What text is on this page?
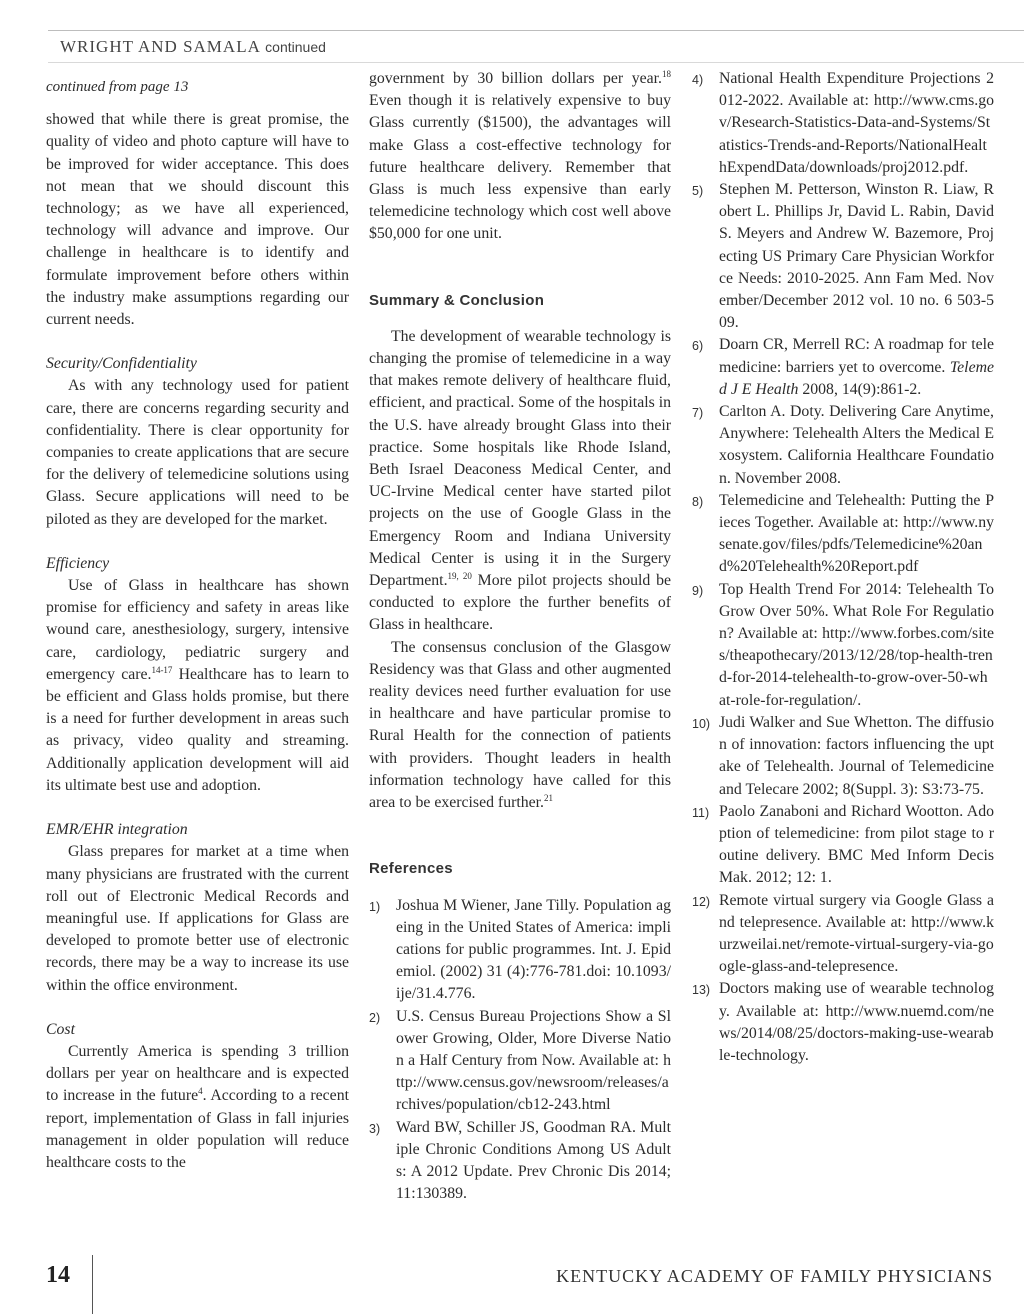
WRIGHT AND SAMALA continued

continued from page 13

showed that while there is great promise, the quality of video and photo capture will have to be improved for wider acceptance. This does not mean that we should discount this technology; as we have all experienced, technology will advance and improve. Our challenge in healthcare is to identify and formulate improvement before others within the industry make assumptions regarding our current needs.

Security/Confidentiality

As with any technology used for patient care, there are concerns regarding security and confidentiality. There is clear opportunity for companies to create applications that are secure for the delivery of telemedicine solutions using Glass. Secure applications will need to be piloted as they are developed for the market.

Efficiency

Use of Glass in healthcare has shown promise for efficiency and safety in areas like wound care, anesthesiology, surgery, intensive care, cardiology, pediatric surgery and emergency care.$^{14-17}$ Healthcare has to learn to be efficient and Glass holds promise, but there is a need for further development in areas such as privacy, video quality and streaming. Additionally application development will aid its ultimate best use and adoption.

EMR/EHR integration

Glass prepares for market at a time when many physicians are frustrated with the current roll out of Electronic Medical Records and meaningful use. If applications for Glass are developed to promote better use of electronic records, there may be a way to increase its use within the office environment.

Cost

Currently America is spending 3 trillion dollars per year on healthcare and is expected to increase in the future$^4$. According to a recent report, implementation of Glass in fall injuries management in older population will reduce healthcare costs to the

government by 30 billion dollars per year.$^{18}$ Even though it is relatively expensive to buy Glass currently ($1500), the advantages will make Glass a cost-effective technology for future healthcare delivery. Remember that Glass is much less expensive than early telemedicine technology which cost well above $50,000 for one unit.

Summary & Conclusion

The development of wearable technology is changing the promise of telemedicine in a way that makes remote delivery of healthcare fluid, efficient, and practical. Some of the hospitals in the U.S. have already brought Glass into their practice. Some hospitals like Rhode Island, Beth Israel Deaconess Medical Center, and UC-Irvine Medical center have started pilot projects on the use of Google Glass in the Emergency Room and Indiana University Medical Center is using it in the Surgery Department.$^{19, 20}$ More pilot projects should be conducted to explore the further benefits of Glass in healthcare.

The consensus conclusion of the Glasgow Residency was that Glass and other augmented reality devices need further evaluation for use in healthcare and have particular promise to Rural Health for the connection of patients with providers. Thought leaders in health information technology have called for this area to be exercised further.$^{21}$

References

1) Joshua M Wiener, Jane Tilly. Population ageing in the United States of America: implications for public programmes. Int. J. Epidemiol. (2002) 31 (4):776-781.doi: 10.1093/ije/31.4.776.
2) U.S. Census Bureau Projections Show a Slower Growing, Older, More Diverse Nation a Half Century from Now. Available at: http://www.census.gov/newsroom/releases/archives/population/cb12-243.html
3) Ward BW, Schiller JS, Goodman RA. Multiple Chronic Conditions Among US Adults: A 2012 Update. Prev Chronic Dis 2014; 11:130389.
4) National Health Expenditure Projections 2012-2022. Available at: http://www.cms.gov/Research-Statistics-Data-and-Systems/Statistics-Trends-and-Reports/NationalHealthExpendData/downloads/proj2012.pdf.
5) Stephen M. Petterson, Winston R. Liaw, Robert L. Phillips Jr, David L. Rabin, David S. Meyers and Andrew W. Bazemore, Projecting US Primary Care Physician Workforce Needs: 2010-2025. Ann Fam Med. November/December 2012 vol. 10 no. 6 503-509.
6) Doarn CR, Merrell RC: A roadmap for telemedicine: barriers yet to overcome. Telemed J E Health 2008, 14(9):861-2.
7) Carlton A. Doty. Delivering Care Anytime, Anywhere: Telehealth Alters the Medical Exosystem. California Healthcare Foundation. November 2008.
8) Telemedicine and Telehealth: Putting the Pieces Together. Available at: http://www.nysenate.gov/files/pdfs/Telemedicine%20and%20Telehealth%20Report.pdf
9) Top Health Trend For 2014: Telehealth To Grow Over 50%. What Role For Regulation? Available at: http://www.forbes.com/sites/theapothecary/2013/12/28/top-health-trend-for-2014-telehealth-to-grow-over-50-what-role-for-regulation/.
10) Judi Walker and Sue Whetton. The diffusion of innovation: factors influencing the uptake of Telehealth. Journal of Telemedicine and Telecare 2002; 8(Suppl. 3): S3:73-75.
11) Paolo Zanaboni and Richard Wootton. Adoption of telemedicine: from pilot stage to routine delivery. BMC Med Inform Decis Mak. 2012; 12: 1.
12) Remote virtual surgery via Google Glass and telepresence. Available at: http://www.kurzweilai.net/remote-virtual-surgery-via-google-glass-and-telepresence.
13) Doctors making use of wearable technology. Available at: http://www.nuemd.com/news/2014/08/25/doctors-making-use-wearable-technology.
14	KENTUCKY ACADEMY OF FAMILY PHYSICIANS
